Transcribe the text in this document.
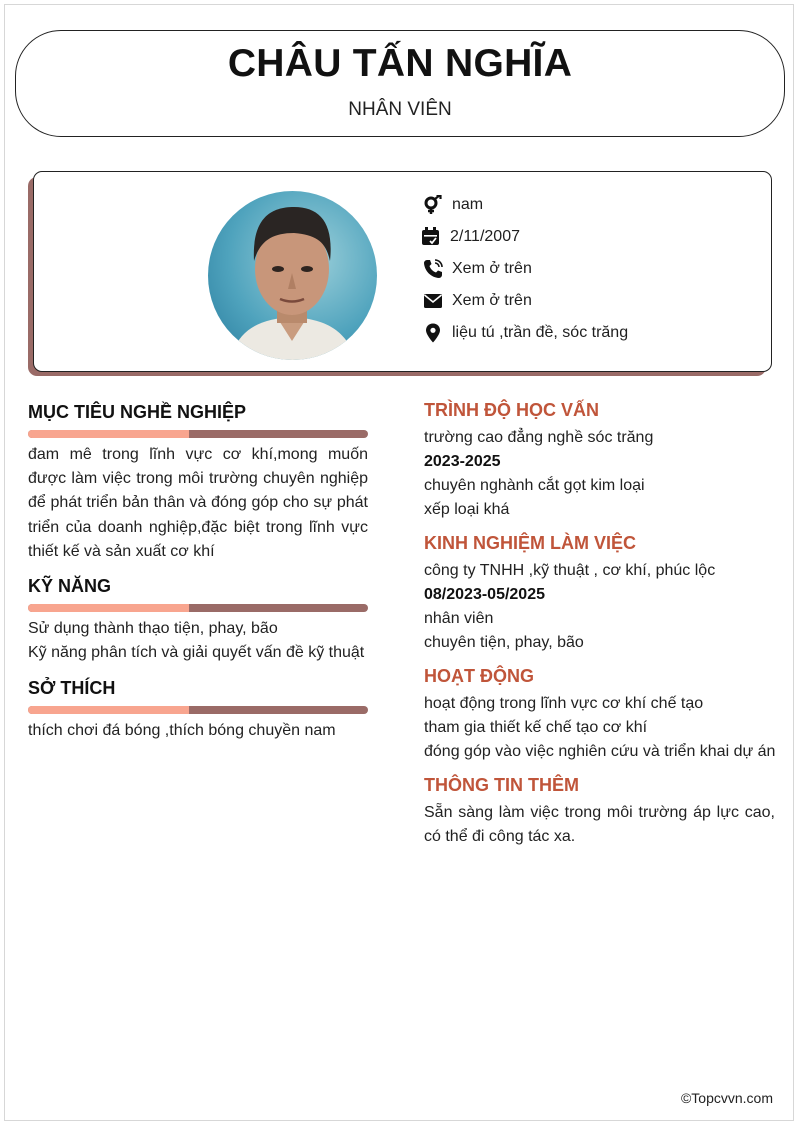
CHÂU TẤN NGHĨA
NHÂN VIÊN
nam
2/11/2007
Xem ở trên
Xem ở trên
liệu tú ,trần đề, sóc trăng
MỤC TIÊU NGHỀ NGHIỆP
đam mê trong lĩnh vực cơ khí,mong muốn được làm việc trong môi trường chuyên nghiệp để phát triển bản thân và đóng góp cho sự phát triển của doanh nghiệp,đặc biệt trong lĩnh vực thiết kế và sản xuất cơ khí
KỸ NĂNG
Sử dụng thành thạo tiện, phay, bão
Kỹ năng phân tích và giải quyết vấn đề kỹ thuật
SỞ THÍCH
thích chơi đá bóng ,thích bóng chuyền nam
TRÌNH ĐỘ HỌC VẤN
trường cao đẳng nghề sóc trăng
2023-2025
chuyên nghành cắt gọt kim loại
xếp loại khá
KINH NGHIỆM LÀM VIỆC
công ty TNHH ,kỹ thuật , cơ khí, phúc lộc
08/2023-05/2025
nhân viên
chuyên tiện, phay, bão
HOẠT ĐỘNG
hoạt động trong lĩnh vực cơ khí chế tạo
tham gia thiết kế chế tạo cơ khí
đóng góp vào việc nghiên cứu và triển khai dự án
THÔNG TIN THÊM
Sẵn sàng làm việc trong môi trường áp lực cao, có thể đi công tác xa.
©Topcvvn.com
